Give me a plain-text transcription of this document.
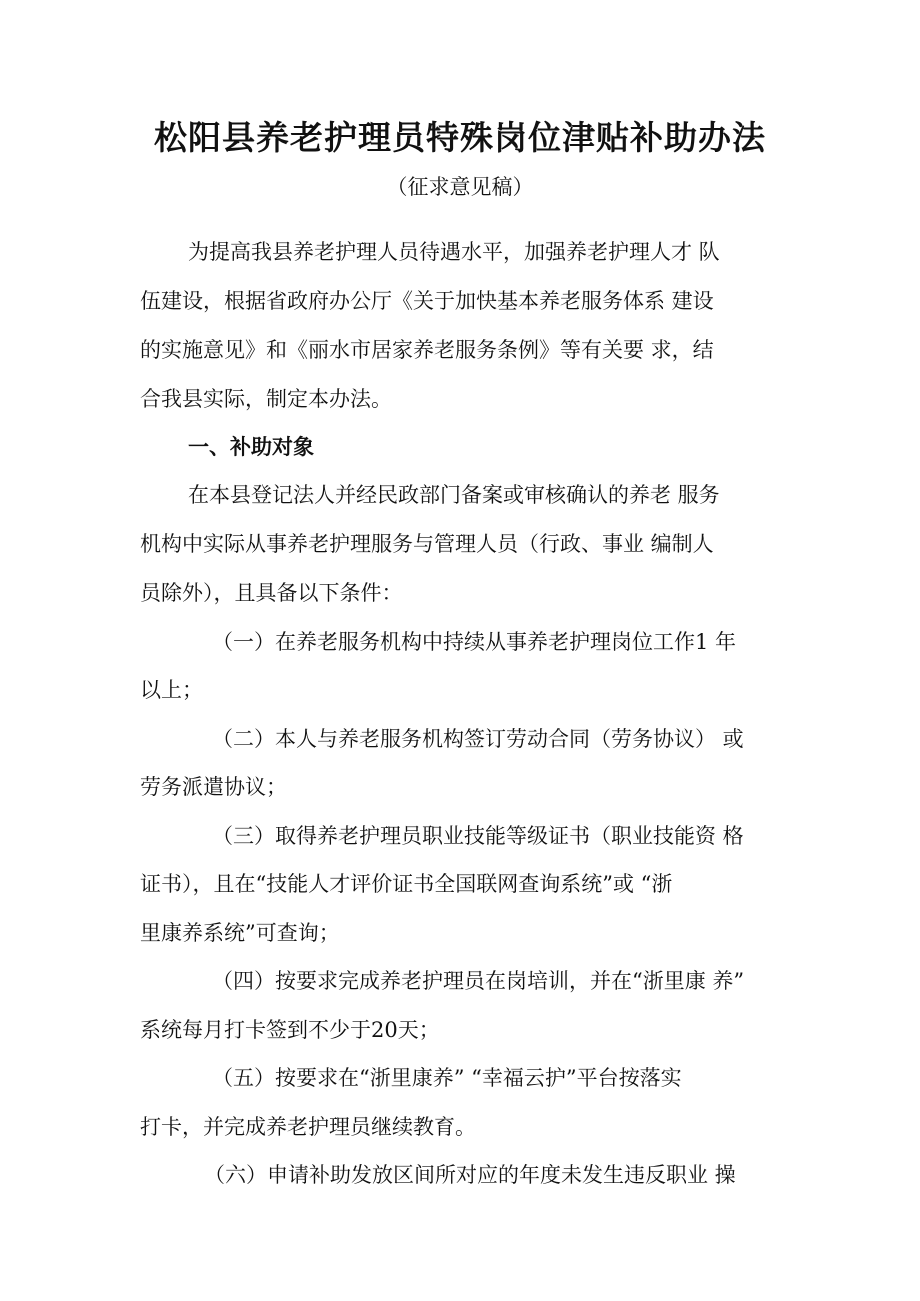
松阳县养老护理员特殊岗位津贴补助办法
（征求意见稿）
为提高我县养老护理人员待遇水平，加强养老护理人才 队
伍建设，根据省政府办公厅《关于加快基本养老服务体系 建设
的实施意见》和《丽水市居家养老服务条例》等有关要 求，结
合我县实际，制定本办法。
一、补助对象
在本县登记法人并经民政部门备案或审核确认的养老 服务
机构中实际从事养老护理服务与管理人员（行政、事业 编制人
员除外），且具备以下条件：
（一）在养老服务机构中持续从事养老护理岗位工作1 年
以上；
（二）本人与养老服务机构签订劳动合同（劳务协议） 或
劳务派遣协议；
（三）取得养老护理员职业技能等级证书（职业技能资 格
证书），且在“技能人才评价证书全国联网查询系统”或 “浙
里康养系统”可查询；
（四）按要求完成养老护理员在岗培训，并在“浙里康 养”
系统每月打卡签到不少于20天；
（五）按要求在“浙里康养” “幸福云护”平台按落实
打卡，并完成养老护理员继续教育。
（六）申请补助发放区间所对应的年度未发生违反职业 操
